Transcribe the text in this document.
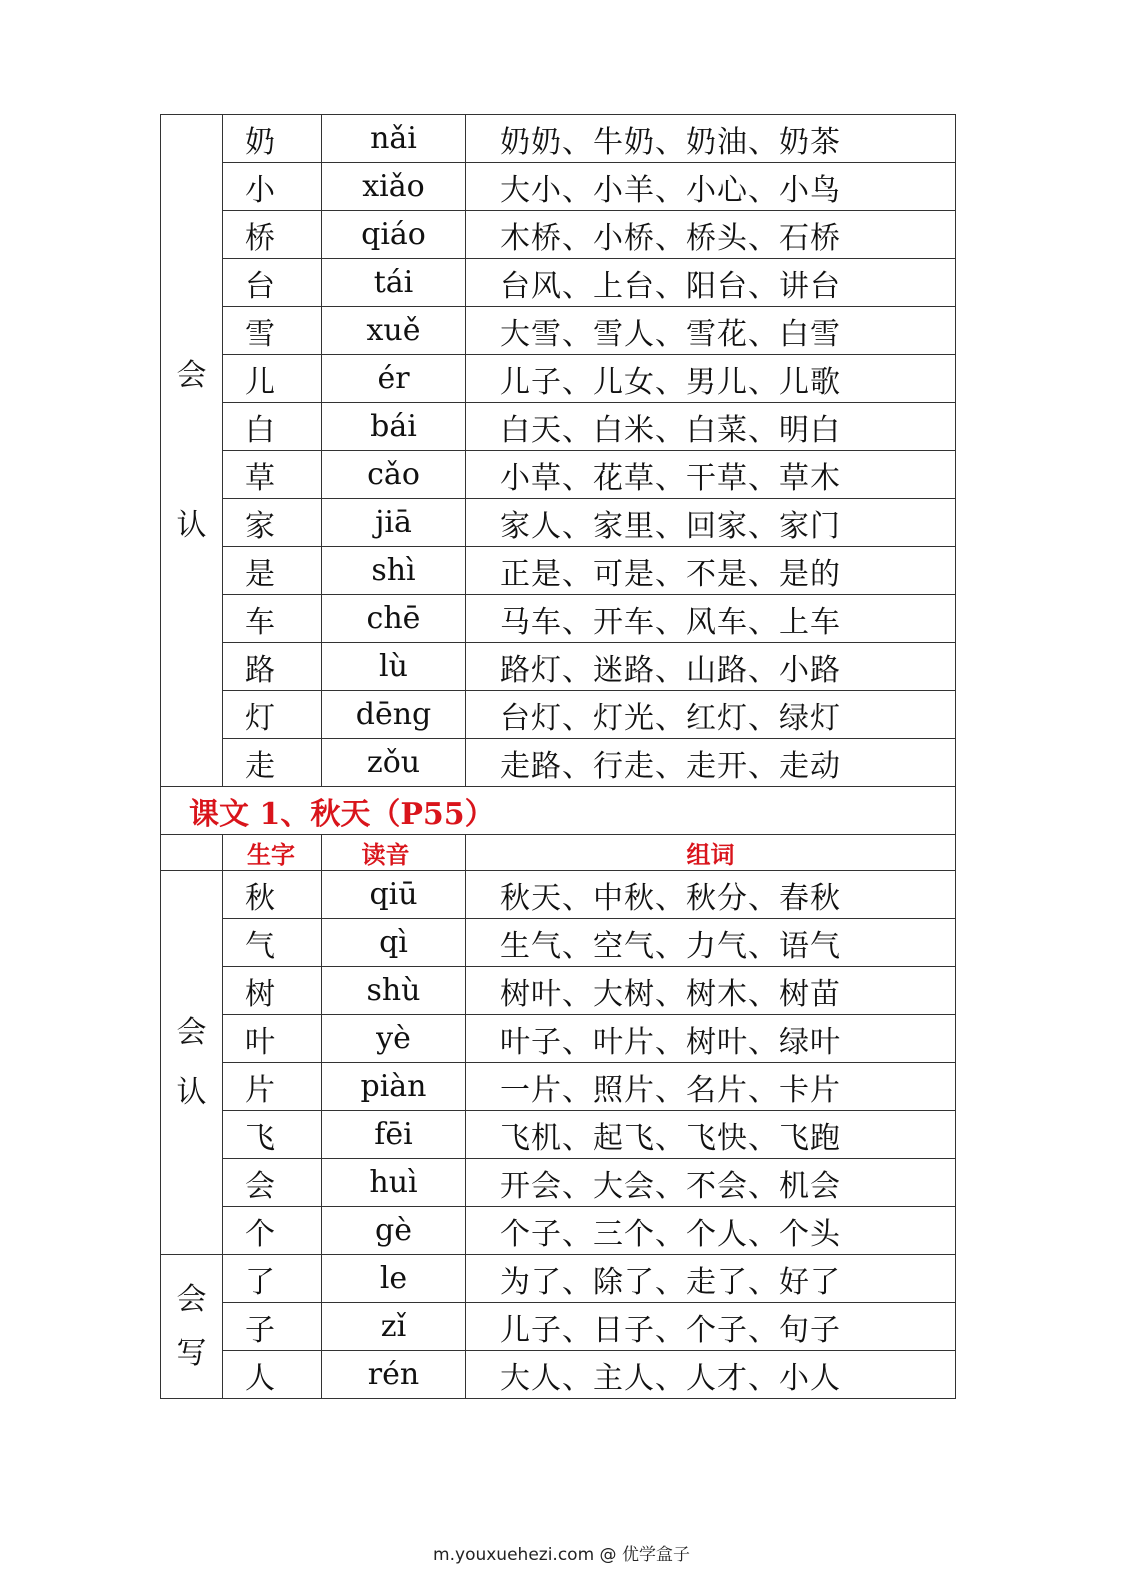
会
认	奶	nǎi	奶奶、牛奶、奶油、奶茶
	小	xiǎo	大小、小羊、小心、小鸟
	桥	qiáo	木桥、小桥、桥头、石桥
	台	tái	台风、上台、阳台、讲台
	雪	xuě	大雪、雪人、雪花、白雪
	儿	ér	儿子、儿女、男儿、儿歌
	白	bái	白天、白米、白菜、明白
	草	cǎo	小草、花草、干草、草木
	家	jiā	家人、家里、回家、家门
	是	shì	正是、可是、不是、是的
	车	chē	马车、开车、风车、上车
	路	lù	路灯、迷路、山路、小路
	灯	dēng	台灯、灯光、红灯、绿灯
	走	zǒu	走路、行走、走开、走动
课文 1、秋天（P55）			
	生字	读音	组词

会
认	秋	qiū	秋天、中秋、秋分、春秋
	气	qì	生气、空气、力气、语气
	树	shù	树叶、大树、树木、树苗
	叶	yè	叶子、叶片、树叶、绿叶
	片	piàn	一片、照片、名片、卡片
	飞	fēi	飞机、起飞、飞快、飞跑
	会	huì	开会、大会、不会、机会
	个	gè	个子、三个、个人、个头

会
写	了	le	为了、除了、走了、好了
	子	zǐ	儿子、日子、个子、句子
	人	rén	大人、主人、人才、小人
m.youxuehezi.com @ 优学盒子
